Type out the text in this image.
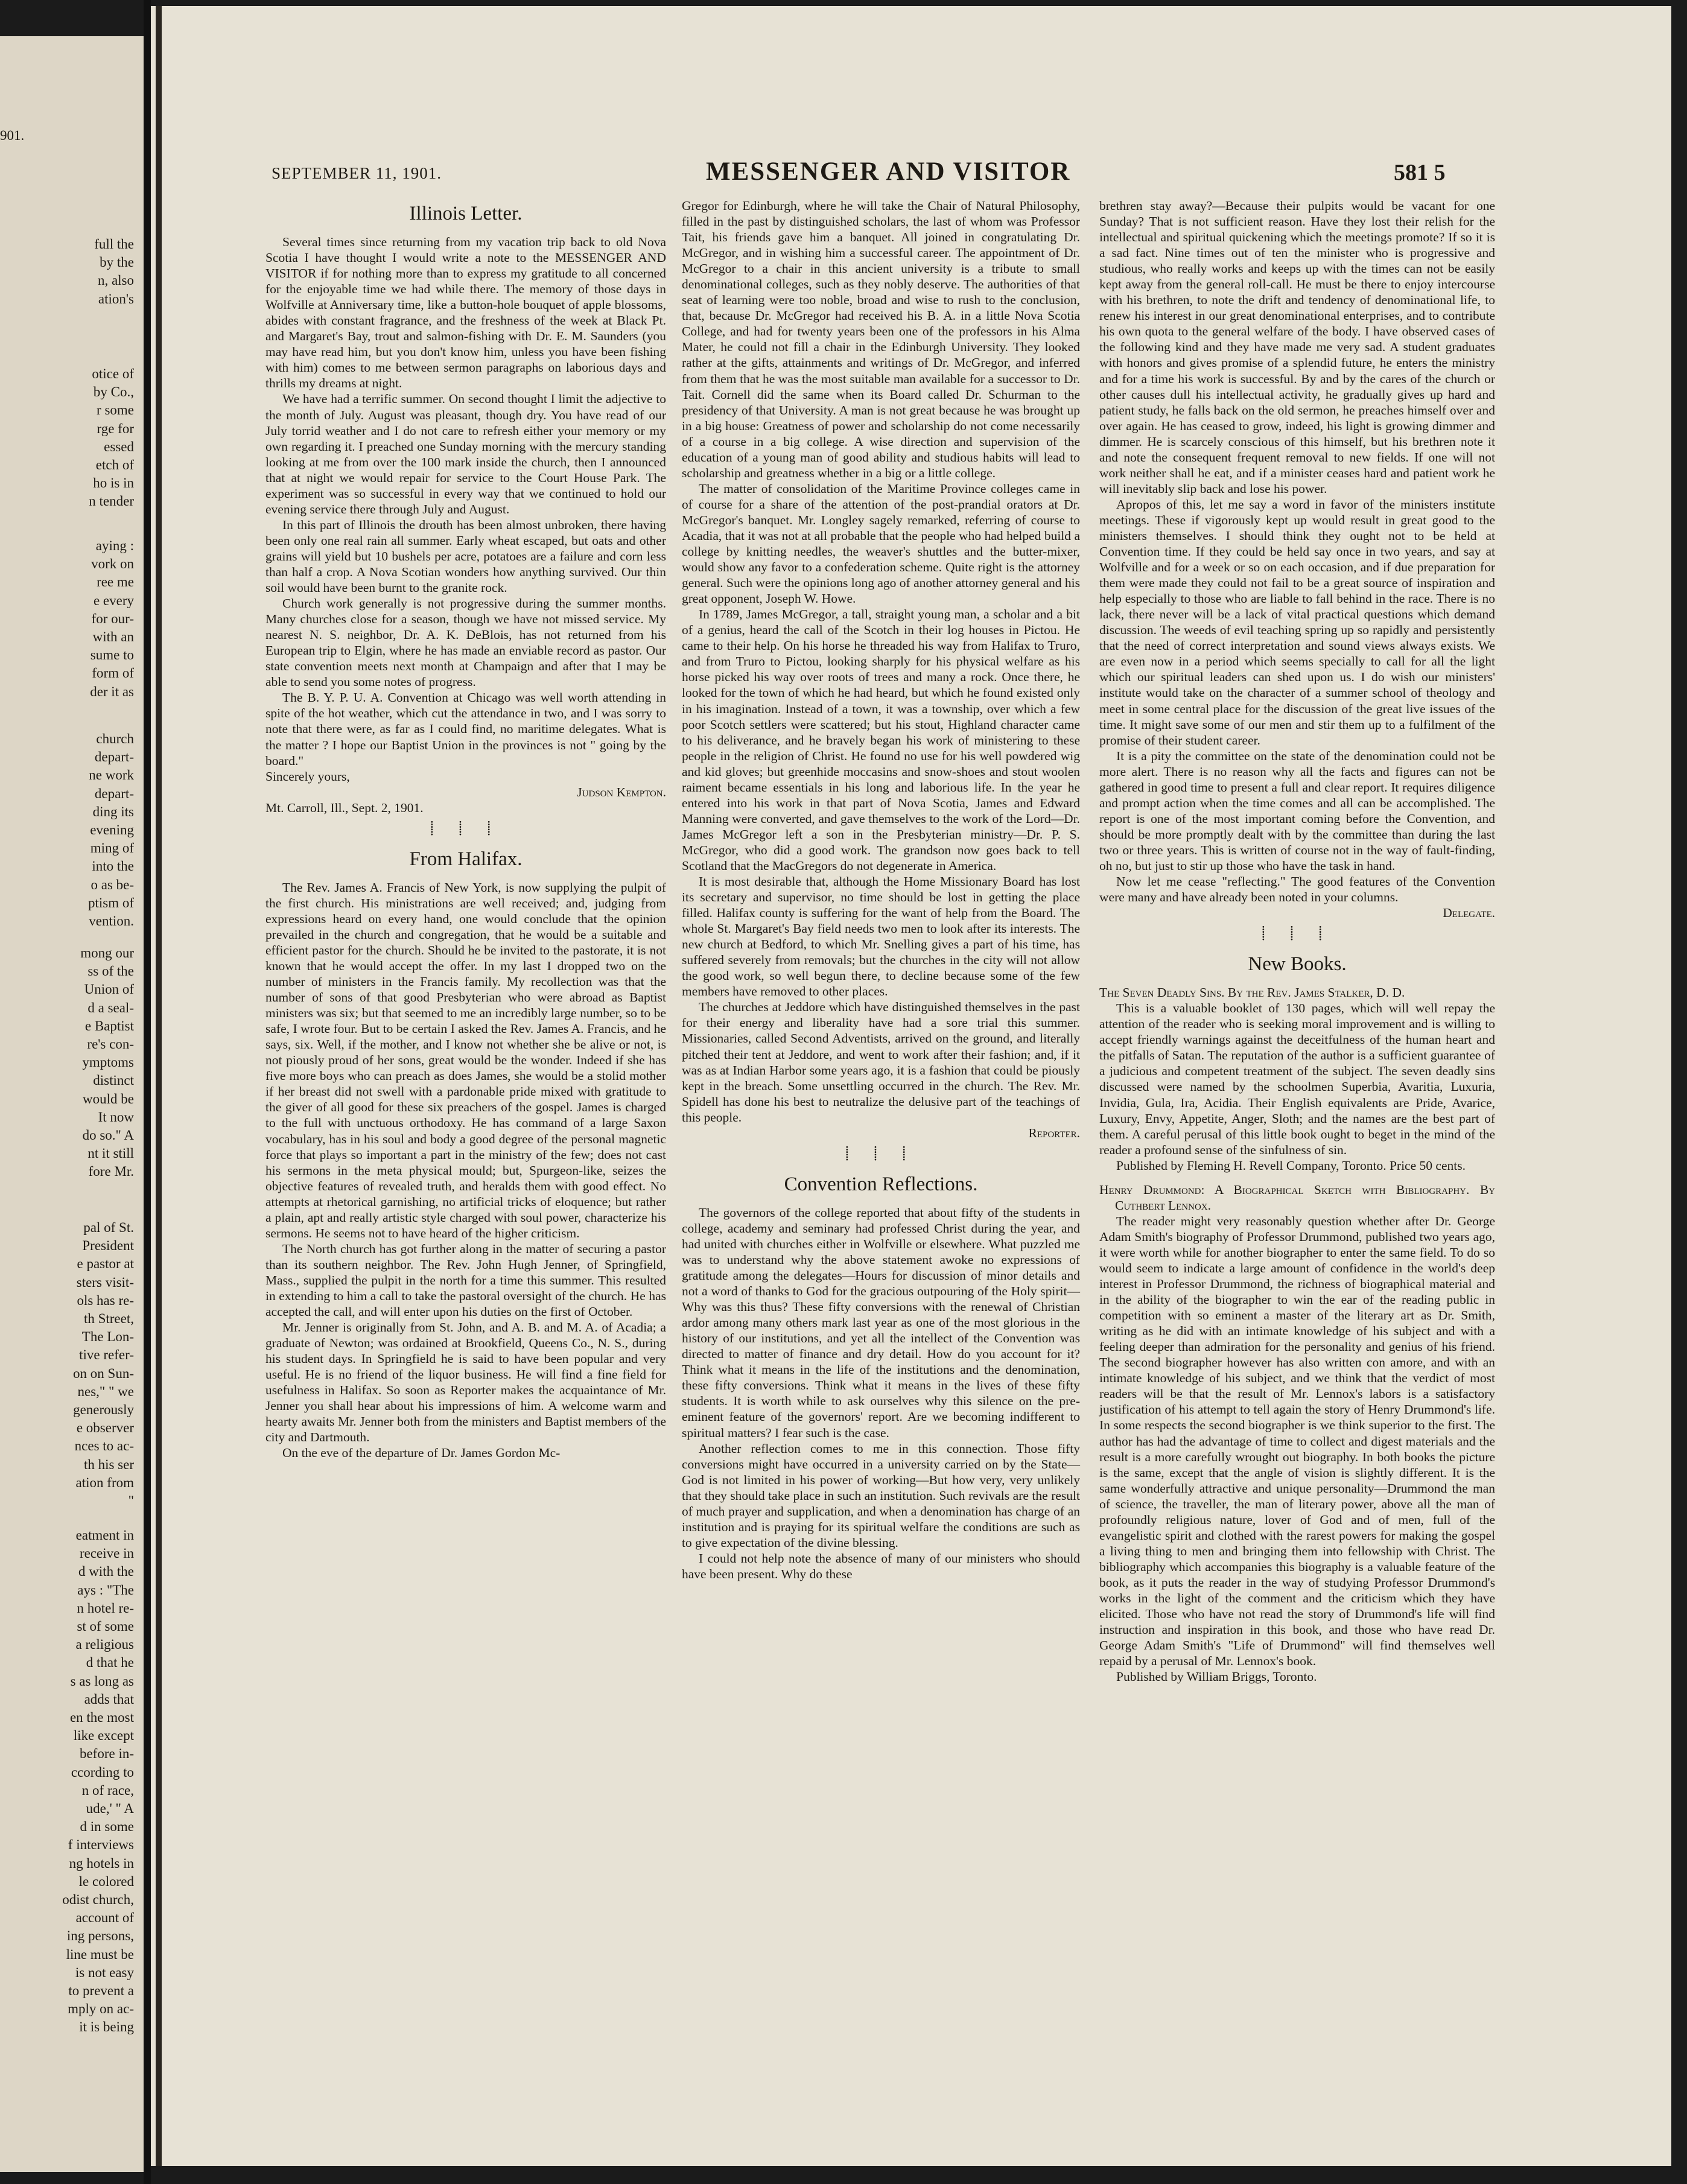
901.
full the
by the
n, also
ation's
otice of
by Co.,
r some
rge for
essed
etch of
ho is in
n tender
aying :
vork on
ree me
e every
for our-
with an
sume to
form of
der it as
church
depart-
ne work
depart-
ding its
evening
ming of
into the
o as be-
ptism of
vention.
mong our
ss of the
Union of
d a seal-
e Baptist
re's con-
ymptoms
distinct
would be
It now
do so." A
nt it still
fore Mr.
pal of St.
President
e pastor at
sters visit-
ols has re-
th Street,
The Lon-
tive refer-
on on Sun-
nes," " we
generously
e observer
nces to ac-
th his ser
ation from
"
eatment in
receive in
d with the
ays : "The
n hotel re-
st of some
a religious
d that he
s as long as
adds that
en the most
like except
before in-
ccording to
n of race,
ude,' " A
d in some
f interviews
ng hotels in
le colored
odist church,
account of
ing persons,
line must be
is not easy
to prevent a
mply on ac-
it is being
SEPTEMBER 11, 1901.	MESSENGER AND VISITOR	581 5
Illinois Letter.

Several times since returning from my vacation trip back to old Nova Scotia I have thought I would write a note to the MESSENGER AND VISITOR if for nothing more than to express my gratitude to all concerned for the enjoyable time we had while there. The memory of those days in Wolfville at Anniversary time, like a button-hole bouquet of apple blossoms, abides with constant fragrance, and the freshness of the week at Black Pt. and Margaret's Bay, trout and salmon-fishing with Dr. E. M. Saunders (you may have read him, but you don't know him, unless you have been fishing with him) comes to me between sermon paragraphs on laborious days and thrills my dreams at night.

We have had a terrific summer. On second thought I limit the adjective to the month of July. August was pleasant, though dry. You have read of our July torrid weather and I do not care to refresh either your memory or my own regarding it. I preached one Sunday morning with the mercury standing looking at me from over the 100 mark inside the church, then I announced that at night we would repair for service to the Court House Park. The experiment was so successful in every way that we continued to hold our evening service there through July and August.

In this part of Illinois the drouth has been almost unbroken, there having been only one real rain all summer. Early wheat escaped, but oats and other grains will yield but 10 bushels per acre, potatoes are a failure and corn less than half a crop. A Nova Scotian wonders how anything survived. Our thin soil would have been burnt to the granite rock.

Church work generally is not progressive during the summer months. Many churches close for a season, though we have not missed service. My nearest N. S. neighbor, Dr. A. K. DeBlois, has not returned from his European trip to Elgin, where he has made an enviable record as pastor. Our state convention meets next month at Champaign and after that I may be able to send you some notes of progress.

The B. Y. P. U. A. Convention at Chicago was well worth attending in spite of the hot weather, which cut the attendance in two, and I was sorry to note that there were, as far as I could find, no maritime delegates. What is the matter ? I hope our Baptist Union in the provinces is not " going by the board."

Sincerely yours,

Judson Kempton.

Mt. Carroll, Ill., Sept. 2, 1901.

⸽ ⸽ ⸽
From Halifax.

The Rev. James A. Francis of New York, is now supplying the pulpit of the first church. His ministrations are well received; and, judging from expressions heard on every hand, one would conclude that the opinion prevailed in the church and congregation, that he would be a suitable and efficient pastor for the church. Should he be invited to the pastorate, it is not known that he would accept the offer. In my last I dropped two on the number of ministers in the Francis family. My recollection was that the number of sons of that good Presbyterian who were abroad as Baptist ministers was six; but that seemed to me an incredibly large number, so to be safe, I wrote four. But to be certain I asked the Rev. James A. Francis, and he says, six. Well, if the mother, and I know not whether she be alive or not, is not piously proud of her sons, great would be the wonder. Indeed if she has five more boys who can preach as does James, she would be a stolid mother if her breast did not swell with a pardonable pride mixed with gratitude to the giver of all good for these six preachers of the gospel. James is charged to the full with unctuous orthodoxy. He has command of a large Saxon vocabulary, has in his soul and body a good degree of the personal magnetic force that plays so important a part in the ministry of the few; does not cast his sermons in the meta physical mould; but, Spurgeon-like, seizes the objective features of revealed truth, and heralds them with good effect. No attempts at rhetorical garnishing, no artificial tricks of eloquence; but rather a plain, apt and really artistic style charged with soul power, characterize his sermons. He seems not to have heard of the higher criticism.

The North church has got further along in the matter of securing a pastor than its southern neighbor. The Rev. John Hugh Jenner, of Springfield, Mass., supplied the pulpit in the north for a time this summer. This resulted in extending to him a call to take the pastoral oversight of the church. He has accepted the call, and will enter upon his duties on the first of October.

Mr. Jenner is originally from St. John, and A. B. and M. A. of Acadia; a graduate of Newton; was ordained at Brookfield, Queens Co., N. S., during his student days. In Springfield he is said to have been popular and very useful. He is no friend of the liquor business. He will find a fine field for usefulness in Halifax. So soon as Reporter makes the acquaintance of Mr. Jenner you shall hear about his impressions of him. A welcome warm and hearty awaits Mr. Jenner both from the ministers and Baptist members of the city and Dartmouth.

On the eve of the departure of Dr. James Gordon Mc-

Gregor for Edinburgh, where he will take the Chair of Natural Philosophy, filled in the past by distinguished scholars, the last of whom was Professor Tait, his friends gave him a banquet. All joined in congratulating Dr. McGregor, and in wishing him a successful career. The appointment of Dr. McGregor to a chair in this ancient university is a tribute to small denominational colleges, such as they nobly deserve. The authorities of that seat of learning were too noble, broad and wise to rush to the conclusion, that, because Dr. McGregor had received his B. A. in a little Nova Scotia College, and had for twenty years been one of the professors in his Alma Mater, he could not fill a chair in the Edinburgh University. They looked rather at the gifts, attainments and writings of Dr. McGregor, and inferred from them that he was the most suitable man available for a successor to Dr. Tait. Cornell did the same when its Board called Dr. Schurman to the presidency of that University. A man is not great because he was brought up in a big house: Greatness of power and scholarship do not come necessarily of a course in a big college. A wise direction and supervision of the education of a young man of good ability and studious habits will lead to scholarship and greatness whether in a big or a little college.

The matter of consolidation of the Maritime Province colleges came in of course for a share of the attention of the post-prandial orators at Dr. McGregor's banquet. Mr. Longley sagely remarked, referring of course to Acadia, that it was not at all probable that the people who had helped build a college by knitting needles, the weaver's shuttles and the butter-mixer, would show any favor to a confederation scheme. Quite right is the attorney general. Such were the opinions long ago of another attorney general and his great opponent, Joseph W. Howe.

In 1789, James McGregor, a tall, straight young man, a scholar and a bit of a genius, heard the call of the Scotch in their log houses in Pictou. He came to their help. On his horse he threaded his way from Halifax to Truro, and from Truro to Pictou, looking sharply for his physical welfare as his horse picked his way over roots of trees and many a rock. Once there, he looked for the town of which he had heard, but which he found existed only in his imagination. Instead of a town, it was a township, over which a few poor Scotch settlers were scattered; but his stout, Highland character came to his deliverance, and he bravely began his work of ministering to these people in the religion of Christ. He found no use for his well powdered wig and kid gloves; but greenhide moccasins and snow-shoes and stout woolen raiment became essentials in his long and laborious life. In the year he entered into his work in that part of Nova Scotia, James and Edward Manning were converted, and gave themselves to the work of the Lord—Dr. James McGregor left a son in the Presbyterian ministry—Dr. P. S. McGregor, who did a good work. The grandson now goes back to tell Scotland that the MacGregors do not degenerate in America.

It is most desirable that, although the Home Missionary Board has lost its secretary and supervisor, no time should be lost in getting the place filled. Halifax county is suffering for the want of help from the Board. The whole St. Margaret's Bay field needs two men to look after its interests. The new church at Bedford, to which Mr. Snelling gives a part of his time, has suffered severely from removals; but the churches in the city will not allow the good work, so well begun there, to decline because some of the few members have removed to other places.

The churches at Jeddore which have distinguished themselves in the past for their energy and liberality have had a sore trial this summer. Missionaries, called Second Adventists, arrived on the ground, and literally pitched their tent at Jeddore, and went to work after their fashion; and, if it was as at Indian Harbor some years ago, it is a fashion that could be piously kept in the breach. Some unsettling occurred in the church. The Rev. Mr. Spidell has done his best to neutralize the delusive part of the teachings of this people.

Reporter.

⸽ ⸽ ⸽
Convention Reflections.

The governors of the college reported that about fifty of the students in college, academy and seminary had professed Christ during the year, and had united with churches either in Wolfville or elsewhere. What puzzled me was to understand why the above statement awoke no expressions of gratitude among the delegates—Hours for discussion of minor details and not a word of thanks to God for the gracious outpouring of the Holy spirit—Why was this thus? These fifty conversions with the renewal of Christian ardor among many others mark last year as one of the most glorious in the history of our institutions, and yet all the intellect of the Convention was directed to matter of finance and dry detail. How do you account for it? Think what it means in the life of the institutions and the denomination, these fifty conversions. Think what it means in the lives of these fifty students. It is worth while to ask ourselves why this silence on the pre-eminent feature of the governors' report. Are we becoming indifferent to spiritual matters? I fear such is the case.

Another reflection comes to me in this connection. Those fifty conversions might have occurred in a university carried on by the State—God is not limited in his power of working—But how very, very unlikely that they should take place in such an institution. Such revivals are the result of much prayer and supplication, and when a denomination has charge of an institution and is praying for its spiritual welfare the conditions are such as to give expectation of the divine blessing.

I could not help note the absence of many of our ministers who should have been present. Why do these

brethren stay away?—Because their pulpits would be vacant for one Sunday? That is not sufficient reason. Have they lost their relish for the intellectual and spiritual quickening which the meetings promote? If so it is a sad fact. Nine times out of ten the minister who is progressive and studious, who really works and keeps up with the times can not be easily kept away from the general roll-call. He must be there to enjoy intercourse with his brethren, to note the drift and tendency of denominational life, to renew his interest in our great denominational enterprises, and to contribute his own quota to the general welfare of the body. I have observed cases of the following kind and they have made me very sad. A student graduates with honors and gives promise of a splendid future, he enters the ministry and for a time his work is successful. By and by the cares of the church or other causes dull his intellectual activity, he gradually gives up hard and patient study, he falls back on the old sermon, he preaches himself over and over again. He has ceased to grow, indeed, his light is growing dimmer and dimmer. He is scarcely conscious of this himself, but his brethren note it and note the consequent frequent removal to new fields. If one will not work neither shall he eat, and if a minister ceases hard and patient work he will inevitably slip back and lose his power.

Apropos of this, let me say a word in favor of the ministers institute meetings. These if vigorously kept up would result in great good to the ministers themselves. I should think they ought not to be held at Convention time. If they could be held say once in two years, and say at Wolfville and for a week or so on each occasion, and if due preparation for them were made they could not fail to be a great source of inspiration and help especially to those who are liable to fall behind in the race. There is no lack, there never will be a lack of vital practical questions which demand discussion. The weeds of evil teaching spring up so rapidly and persistently that the need of correct interpretation and sound views always exists. We are even now in a period which seems specially to call for all the light which our spiritual leaders can shed upon us. I do wish our ministers' institute would take on the character of a summer school of theology and meet in some central place for the discussion of the great live issues of the time. It might save some of our men and stir them up to a fulfilment of the promise of their student career.

It is a pity the committee on the state of the denomination could not be more alert. There is no reason why all the facts and figures can not be gathered in good time to present a full and clear report. It requires diligence and prompt action when the time comes and all can be accomplished. The report is one of the most important coming before the Convention, and should be more promptly dealt with by the committee than during the last two or three years. This is written of course not in the way of fault-finding, oh no, but just to stir up those who have the task in hand.

Now let me cease "reflecting." The good features of the Convention were many and have already been noted in your columns.

Delegate.

⸽ ⸽ ⸽
New Books.

The Seven Deadly Sins. By the Rev. James Stalker, D. D.

This is a valuable booklet of 130 pages, which will well repay the attention of the reader who is seeking moral improvement and is willing to accept friendly warnings against the deceitfulness of the human heart and the pitfalls of Satan. The reputation of the author is a sufficient guarantee of a judicious and competent treatment of the subject. The seven deadly sins discussed were named by the schoolmen Superbia, Avaritia, Luxuria, Invidia, Gula, Ira, Acidia. Their English equivalents are Pride, Avarice, Luxury, Envy, Appetite, Anger, Sloth; and the names are the best part of them. A careful perusal of this little book ought to beget in the mind of the reader a profound sense of the sinfulness of sin.

Published by Fleming H. Revell Company, Toronto. Price 50 cents.

Henry Drummond: A Biographical Sketch with Bibliography. By Cuthbert Lennox.

The reader might very reasonably question whether after Dr. George Adam Smith's biography of Professor Drummond, published two years ago, it were worth while for another biographer to enter the same field. To do so would seem to indicate a large amount of confidence in the world's deep interest in Professor Drummond, the richness of biographical material and in the ability of the biographer to win the ear of the reading public in competition with so eminent a master of the literary art as Dr. Smith, writing as he did with an intimate knowledge of his subject and with a feeling deeper than admiration for the personality and genius of his friend. The second biographer however has also written con amore, and with an intimate knowledge of his subject, and we think that the verdict of most readers will be that the result of Mr. Lennox's labors is a satisfactory justification of his attempt to tell again the story of Henry Drummond's life. In some respects the second biographer is we think superior to the first. The author has had the advantage of time to collect and digest materials and the result is a more carefully wrought out biography. In both books the picture is the same, except that the angle of vision is slightly different. It is the same wonderfully attractive and unique personality—Drummond the man of science, the traveller, the man of literary power, above all the man of profoundly religious nature, lover of God and of men, full of the evangelistic spirit and clothed with the rarest powers for making the gospel a living thing to men and bringing them into fellowship with Christ. The bibliography which accompanies this biography is a valuable feature of the book, as it puts the reader in the way of studying Professor Drummond's works in the light of the comment and the criticism which they have elicited. Those who have not read the story of Drummond's life will find instruction and inspiration in this book, and those who have read Dr. George Adam Smith's "Life of Drummond" will find themselves well repaid by a perusal of Mr. Lennox's book.

Published by William Briggs, Toronto.
